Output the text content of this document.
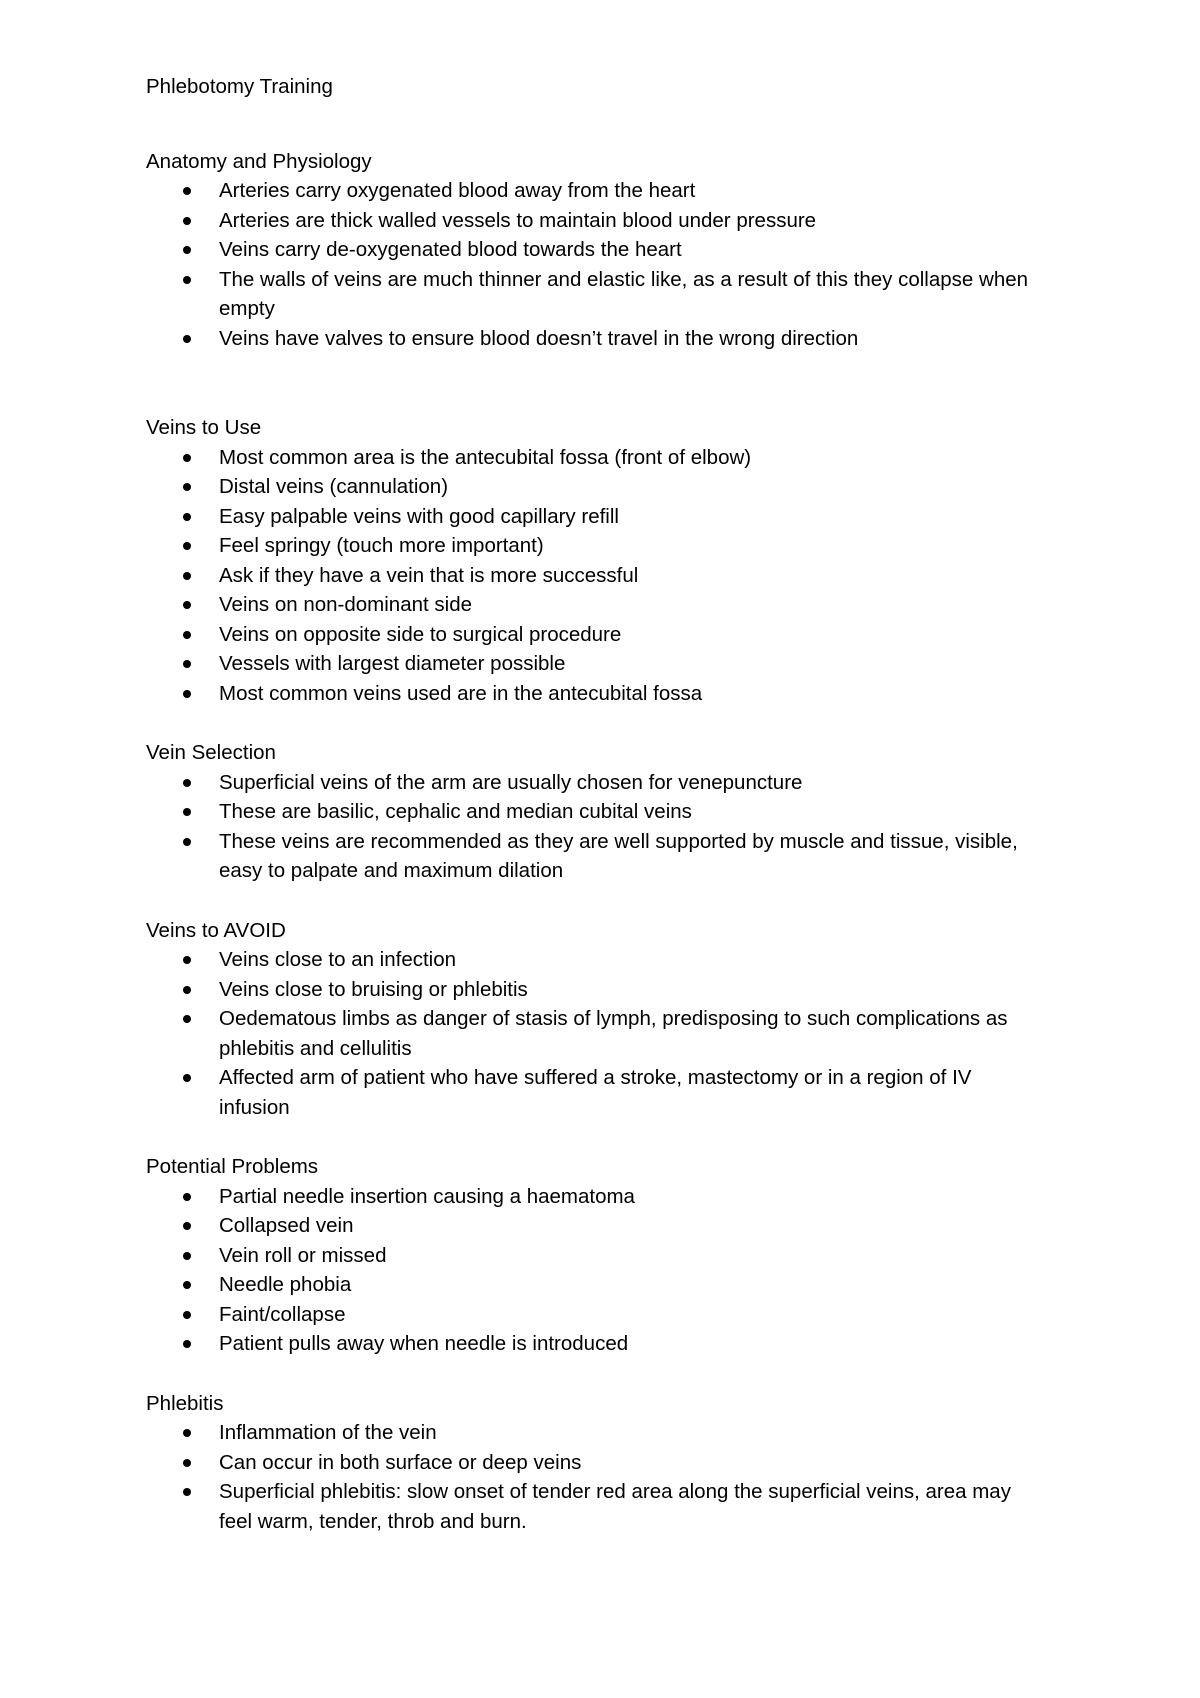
Phlebotomy Training
Anatomy and Physiology
Arteries carry oxygenated blood away from the heart
Arteries are thick walled vessels to maintain blood under pressure
Veins carry de-oxygenated blood towards the heart
The walls of veins are much thinner and elastic like, as a result of this they collapse when empty
Veins have valves to ensure blood doesn’t travel in the wrong direction
Veins to Use
Most common area is the antecubital fossa (front of elbow)
Distal veins (cannulation)
Easy palpable veins with good capillary refill
Feel springy (touch more important)
Ask if they have a vein that is more successful
Veins on non-dominant side
Veins on opposite side to surgical procedure
Vessels with largest diameter possible
Most common veins used are in the antecubital fossa
Vein Selection
Superficial veins of the arm are usually chosen for venepuncture
These are basilic, cephalic and median cubital veins
These veins are recommended as they are well supported by muscle and tissue, visible, easy to palpate and maximum dilation
Veins to AVOID
Veins close to an infection
Veins close to bruising or phlebitis
Oedematous limbs as danger of stasis of lymph, predisposing to such complications as phlebitis and cellulitis
Affected arm of patient who have suffered a stroke, mastectomy or in a region of IV infusion
Potential Problems
Partial needle insertion causing a haematoma
Collapsed vein
Vein roll or missed
Needle phobia
Faint/collapse
Patient pulls away when needle is introduced
Phlebitis
Inflammation of the vein
Can occur in both surface or deep veins
Superficial phlebitis: slow onset of tender red area along the superficial veins, area may feel warm, tender, throb and burn.
